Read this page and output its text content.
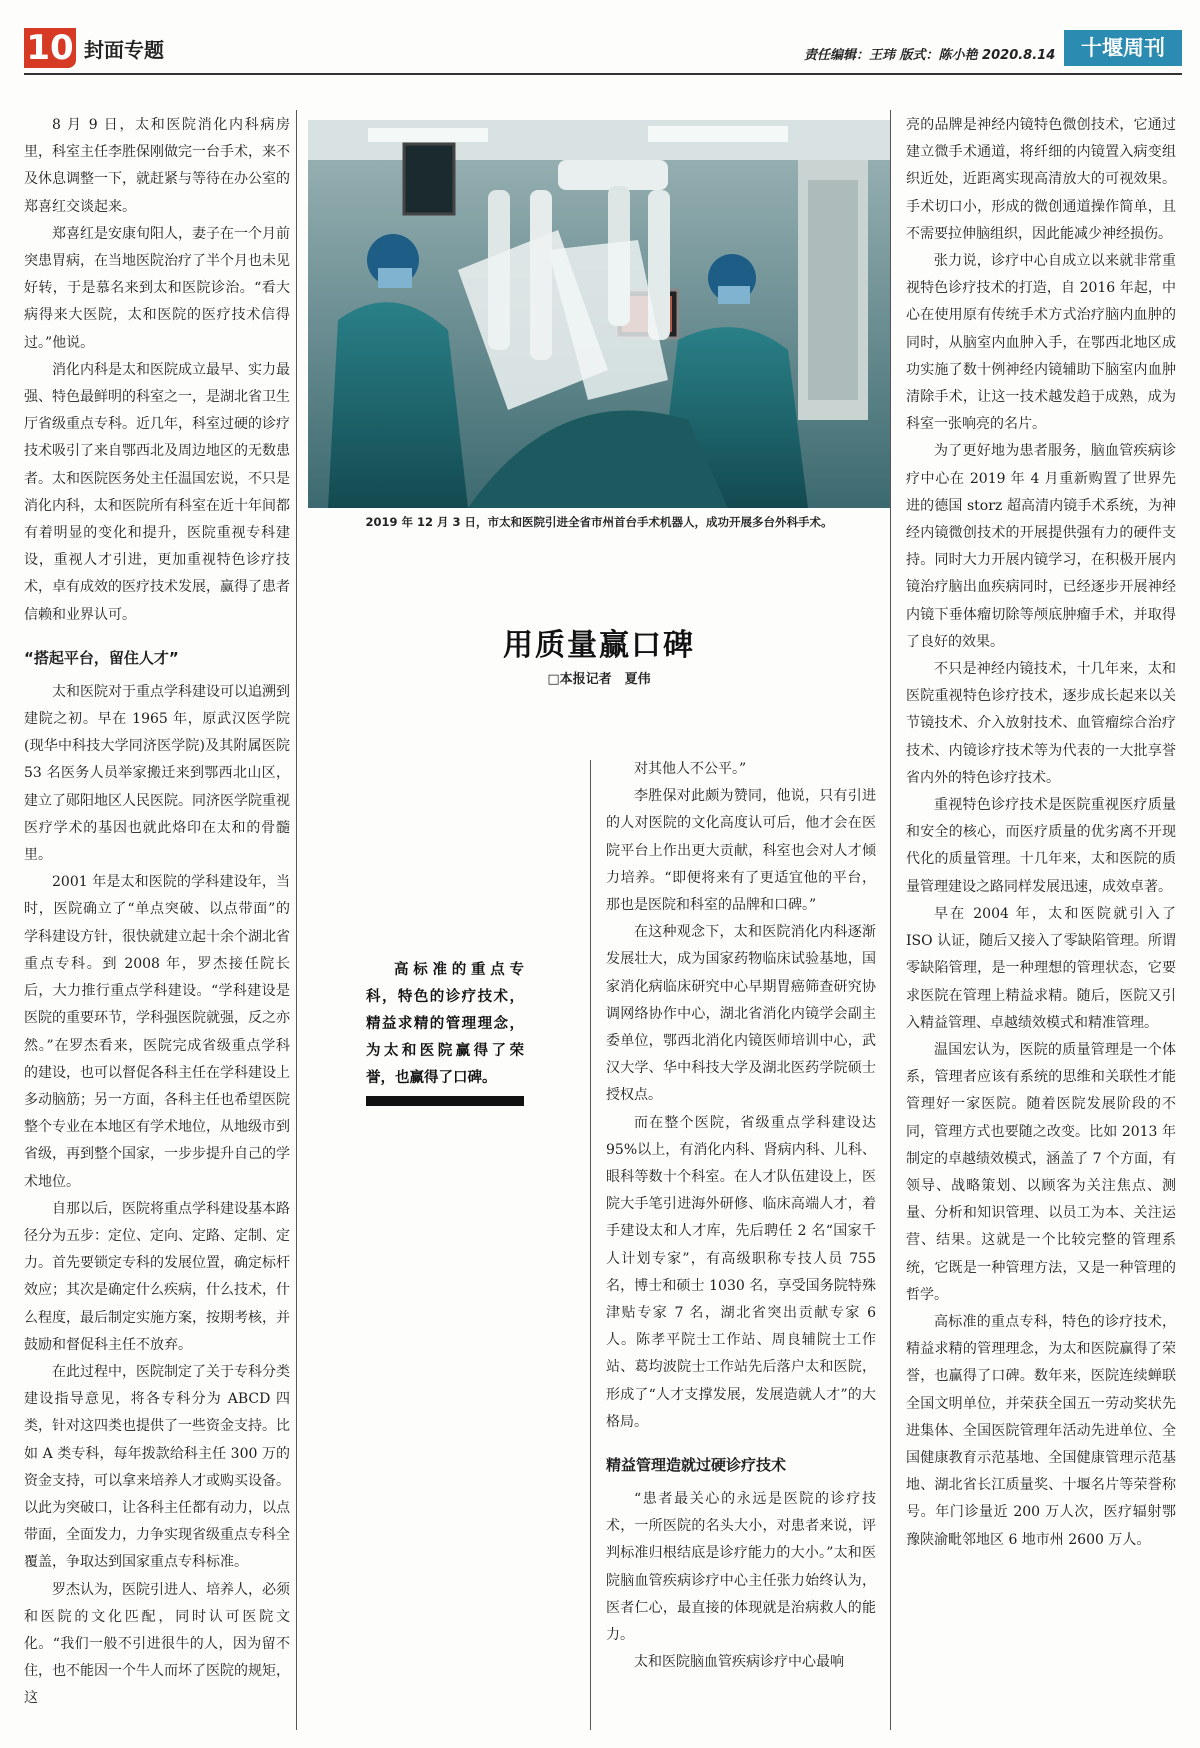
10 封面专题	责任编辑：王玮 版式：陈小艳 2020.8.14	十堰周刊

8 月 9 日，太和医院消化内科病房里，科室主任李胜保刚做完一台手术，来不及休息调整一下，就赶紧与等待在办公室的郑喜红交谈起来。

郑喜红是安康旬阳人，妻子在一个月前突患胃病，在当地医院治疗了半个月也未见好转，于是慕名来到太和医院诊治。“看大病得来大医院，太和医院的医疗技术信得过。”他说。

消化内科是太和医院成立最早、实力最强、特色最鲜明的科室之一，是湖北省卫生厅省级重点专科。近几年，科室过硬的诊疗技术吸引了来自鄂西北及周边地区的无数患者。太和医院医务处主任温国宏说，不只是消化内科，太和医院所有科室在近十年间都有着明显的变化和提升，医院重视专科建设，重视人才引进，更加重视特色诊疗技术，卓有成效的医疗技术发展，赢得了患者信赖和业界认可。

“搭起平台，留住人才”

太和医院对于重点学科建设可以追溯到建院之初。早在 1965 年，原武汉医学院(现华中科技大学同济医学院)及其附属医院 53 名医务人员举家搬迁来到鄂西北山区，建立了郧阳地区人民医院。同济医学院重视医疗学术的基因也就此烙印在太和的骨髓里。

2001 年是太和医院的学科建设年，当时，医院确立了“单点突破、以点带面”的学科建设方针，很快就建立起十余个湖北省重点专科。到 2008 年，罗杰接任院长后，大力推行重点学科建设。“学科建设是医院的重要环节，学科强医院就强，反之亦然。”在罗杰看来，医院完成省级重点学科的建设，也可以督促各科主任在学科建设上多动脑筋；另一方面，各科主任也希望医院整个专业在本地区有学术地位，从地级市到省级，再到整个国家，一步步提升自己的学术地位。

自那以后，医院将重点学科建设基本路径分为五步：定位、定向、定路、定制、定力。首先要锁定专科的发展位置，确定标杆效应；其次是确定什么疾病，什么技术，什么程度，最后制定实施方案，按期考核，并鼓励和督促科主任不放弃。

在此过程中，医院制定了关于专科分类建设指导意见，将各专科分为 ABCD 四类，针对这四类也提供了一些资金支持。比如 A 类专科，每年拨款给科主任 300 万的资金支持，可以拿来培养人才或购买设备。以此为突破口，让各科主任都有动力，以点带面，全面发力，力争实现省级重点专科全覆盖，争取达到国家重点专科标准。

罗杰认为，医院引进人、培养人，必须和医院的文化匹配，同时认可医院文化。“我们一般不引进很牛的人，因为留不住，也不能因一个牛人而坏了医院的规矩，这

2019 年 12 月 3 日，市太和医院引进全省市州首台手术机器人，成功开展多台外科手术。
用质量赢口碑
□本报记者　夏伟
高标准的重点专科，特色的诊疗技术，精益求精的管理理念，为太和医院赢得了荣誉，也赢得了口碑。

对其他人不公平。”

李胜保对此颇为赞同，他说，只有引进的人对医院的文化高度认可后，他才会在医院平台上作出更大贡献，科室也会对人才倾力培养。“即便将来有了更适宜他的平台，那也是医院和科室的品牌和口碑。”

在这种观念下，太和医院消化内科逐渐发展壮大，成为国家药物临床试验基地，国家消化病临床研究中心早期胃癌筛查研究协调网络协作中心，湖北省消化内镜学会副主委单位，鄂西北消化内镜医师培训中心，武汉大学、华中科技大学及湖北医药学院硕士授权点。

而在整个医院，省级重点学科建设达 95%以上，有消化内科、肾病内科、儿科、眼科等数十个科室。在人才队伍建设上，医院大手笔引进海外研修、临床高端人才，着手建设太和人才库，先后聘任 2 名“国家千人计划专家”，有高级职称专技人员 755 名，博士和硕士 1030 名，享受国务院特殊津贴专家 7 名，湖北省突出贡献专家 6 人。陈孝平院士工作站、周良辅院士工作站、葛均波院士工作站先后落户太和医院，形成了“人才支撑发展，发展造就人才”的大格局。

精益管理造就过硬诊疗技术

“患者最关心的永远是医院的诊疗技术，一所医院的名头大小，对患者来说，评判标准归根结底是诊疗能力的大小。”太和医院脑血管疾病诊疗中心主任张力始终认为，医者仁心，最直接的体现就是治病救人的能力。

太和医院脑血管疾病诊疗中心最响

亮的品牌是神经内镜特色微创技术，它通过建立微手术通道，将纤细的内镜置入病变组织近处，近距离实现高清放大的可视效果。手术切口小，形成的微创通道操作简单，且不需要拉伸脑组织，因此能减少神经损伤。

张力说，诊疗中心自成立以来就非常重视特色诊疗技术的打造，自 2016 年起，中心在使用原有传统手术方式治疗脑内血肿的同时，从脑室内血肿入手，在鄂西北地区成功实施了数十例神经内镜辅助下脑室内血肿清除手术，让这一技术越发趋于成熟，成为科室一张响亮的名片。

为了更好地为患者服务，脑血管疾病诊疗中心在 2019 年 4 月重新购置了世界先进的德国 storz 超高清内镜手术系统，为神经内镜微创技术的开展提供强有力的硬件支持。同时大力开展内镜学习，在积极开展内镜治疗脑出血疾病同时，已经逐步开展神经内镜下垂体瘤切除等颅底肿瘤手术，并取得了良好的效果。

不只是神经内镜技术，十几年来，太和医院重视特色诊疗技术，逐步成长起来以关节镜技术、介入放射技术、血管瘤综合治疗技术、内镜诊疗技术等为代表的一大批享誉省内外的特色诊疗技术。

重视特色诊疗技术是医院重视医疗质量和安全的核心，而医疗质量的优劣离不开现代化的质量管理。十几年来，太和医院的质量管理建设之路同样发展迅速，成效卓著。

早在 2004 年，太和医院就引入了 ISO 认证，随后又接入了零缺陷管理。所谓零缺陷管理，是一种理想的管理状态，它要求医院在管理上精益求精。随后，医院又引入精益管理、卓越绩效模式和精准管理。

温国宏认为，医院的质量管理是一个体系，管理者应该有系统的思维和关联性才能管理好一家医院。随着医院发展阶段的不同，管理方式也要随之改变。比如 2013 年制定的卓越绩效模式，涵盖了 7 个方面，有领导、战略策划、以顾客为关注焦点、测量、分析和知识管理、以员工为本、关注运营、结果。这就是一个比较完整的管理系统，它既是一种管理方法，又是一种管理的哲学。

高标准的重点专科，特色的诊疗技术，精益求精的管理理念，为太和医院赢得了荣誉，也赢得了口碑。数年来，医院连续蝉联全国文明单位，并荣获全国五一劳动奖状先进集体、全国医院管理年活动先进单位、全国健康教育示范基地、全国健康管理示范基地、湖北省长江质量奖、十堰名片等荣誉称号。年门诊量近 200 万人次，医疗辐射鄂豫陕渝毗邻地区 6 地市州 2600 万人。
